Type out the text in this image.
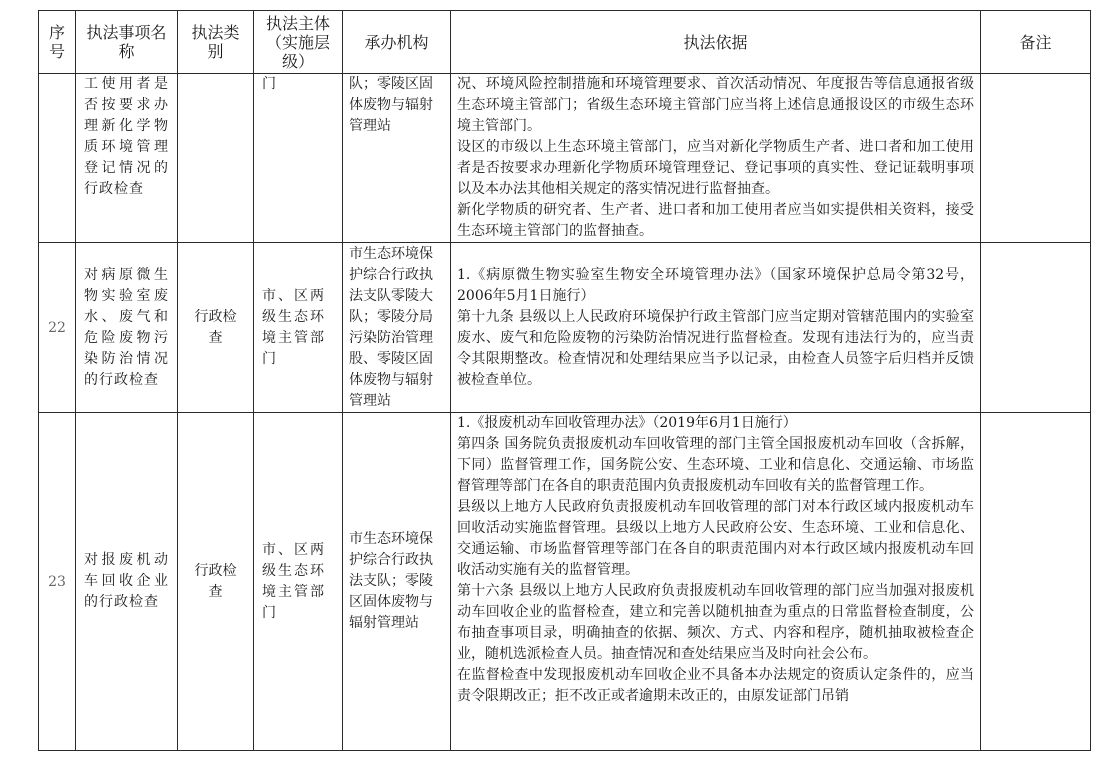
序号	执法事项名称	执法类别	执法主体（实施层级）	承办机构	执法依据	备注
	工使用者是否按要求办理新化学物质环境管理登记情况的行政检查		门	队；零陵区固体废物与辐射管理站	况、环境风险控制措施和环境管理要求、首次活动情况、年度报告等信息通报省级生态环境主管部门；省级生态环境主管部门应当将上述信息通报设区的市级生态环境主管部门。
设区的市级以上生态环境主管部门，应当对新化学物质生产者、进口者和加工使用者是否按要求办理新化学物质环境管理登记、登记事项的真实性、登记证载明事项以及本办法其他相关规定的落实情况进行监督抽查。
新化学物质的研究者、生产者、进口者和加工使用者应当如实提供相关资料，接受生态环境主管部门的监督抽查。	

22	对病原微生物实验室废水、废气和危险废物污染防治情况的行政检查	行政检查	市、区两级生态环境主管部门	市生态环境保护综合行政执法支队零陵大队；零陵分局污染防治管理股、零陵区固体废物与辐射管理站	1.《病原微生物实验室生物安全环境管理办法》（国家环境保护总局令第32号，2006年5月1日施行）
第十九条 县级以上人民政府环境保护行政主管部门应当定期对管辖范围内的实验室废水、废气和危险废物的污染防治情况进行监督检查。发现有违法行为的，应当责令其限期整改。检查情况和处理结果应当予以记录，由检查人员签字后归档并反馈被检查单位。	

23	对报废机动车回收企业的行政检查	行政检查	市、区两级生态环境主管部门	市生态环境保护综合行政执法支队；零陵区固体废物与辐射管理站	1.《报废机动车回收管理办法》（2019年6月1日施行）
第四条 国务院负责报废机动车回收管理的部门主管全国报废机动车回收（含拆解，下同）监督管理工作，国务院公安、生态环境、工业和信息化、交通运输、市场监督管理等部门在各自的职责范围内负责报废机动车回收有关的监督管理工作。
县级以上地方人民政府负责报废机动车回收管理的部门对本行政区域内报废机动车回收活动实施监督管理。县级以上地方人民政府公安、生态环境、工业和信息化、交通运输、市场监督管理等部门在各自的职责范围内对本行政区域内报废机动车回收活动实施有关的监督管理。
第十六条 县级以上地方人民政府负责报废机动车回收管理的部门应当加强对报废机动车回收企业的监督检查，建立和完善以随机抽查为重点的日常监督检查制度，公布抽查事项目录，明确抽查的依据、频次、方式、内容和程序，随机抽取被检查企业，随机选派检查人员。抽查情况和查处结果应当及时向社会公布。
在监督检查中发现报废机动车回收企业不具备本办法规定的资质认定条件的，应当责令限期改正；拒不改正或者逾期未改正的，由原发证部门吊销	
